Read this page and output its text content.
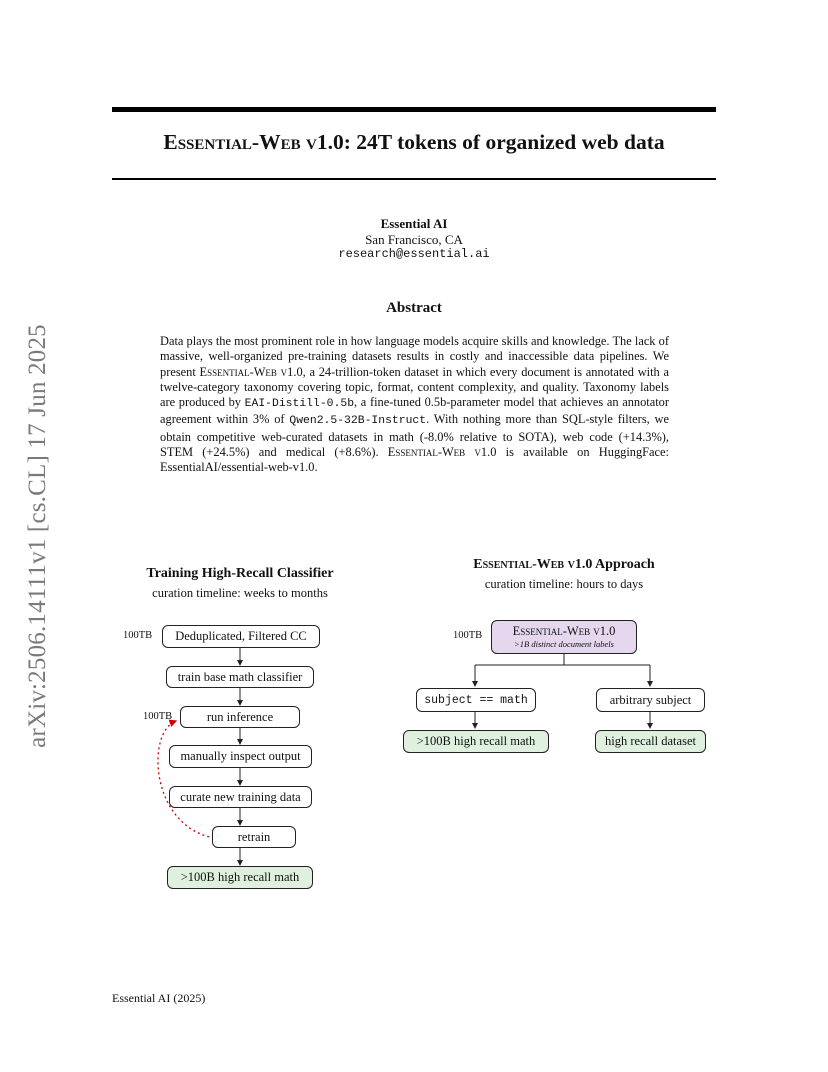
arXiv:2506.14111v1 [cs.CL] 17 Jun 2025
Essential-Web v1.0: 24T tokens of organized web data
Essential AI
San Francisco, CA
research@essential.ai
Abstract
Data plays the most prominent role in how language models acquire skills and knowledge. The lack of massive, well-organized pre-training datasets results in costly and inaccessible data pipelines. We present Essential-Web v1.0, a 24-trillion-token dataset in which every document is annotated with a twelve-category taxonomy covering topic, format, content complexity, and quality. Taxonomy labels are produced by EAI-Distill-0.5b, a fine-tuned 0.5b-parameter model that achieves an annotator agreement within 3% of Qwen2.5-32B-Instruct. With nothing more than SQL-style filters, we obtain competitive web-curated datasets in math (-8.0% relative to SOTA), web code (+14.3%), STEM (+24.5%) and medical (+8.6%). Essential-Web v1.0 is available on HuggingFace: EssentialAI/essential-web-v1.0.
Training High-Recall Classifier
curation timeline: weeks to months
100TB	Deduplicated, Filtered CC
train base math classifier
100TB	run inference
manually inspect output
curate new training data
retrain
>100B high recall math
Essential-Web v1.0 Approach
curation timeline: hours to days
100TB Essential-Web v1.0
>1B distinct document labels
subject == math	arbitrary subject
>100B high recall math	high recall dataset
Essential AI (2025)
